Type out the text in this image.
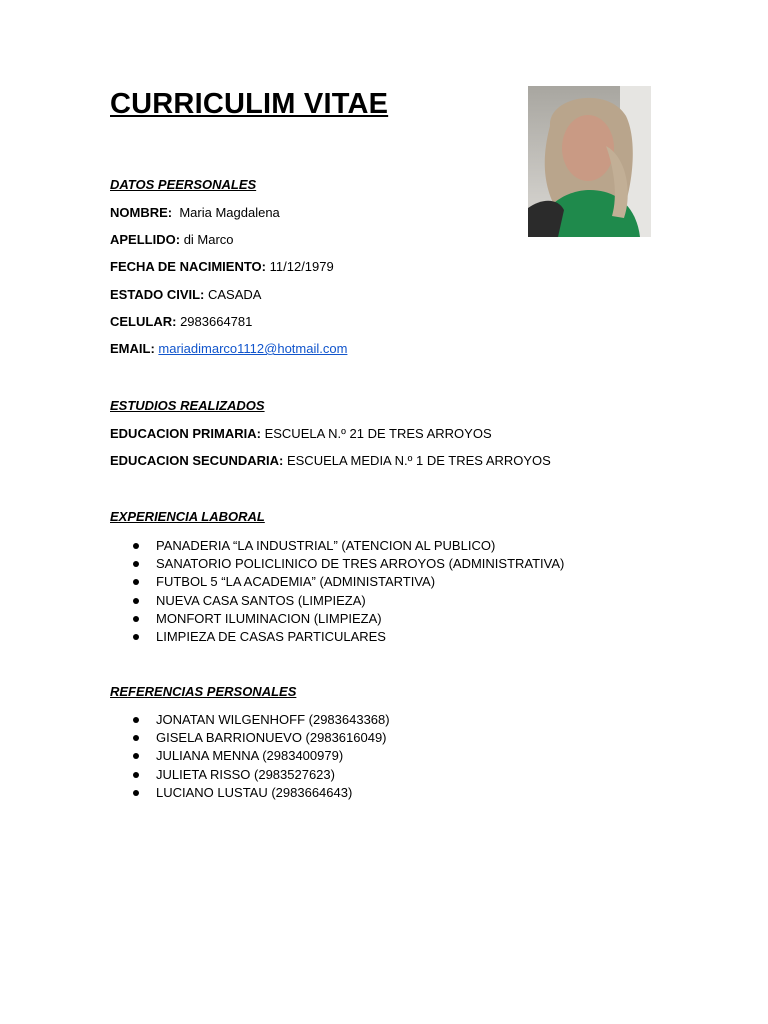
CURRICULIM VITAE
DATOS PEERSONALES
NOMBRE: Maria Magdalena
APELLIDO: di Marco
FECHA DE NACIMIENTO: 11/12/1979
ESTADO CIVIL: CASADA
CELULAR: 2983664781
EMAIL: mariadimarco1112@hotmail.com
ESTUDIOS REALIZADOS
EDUCACION PRIMARIA: ESCUELA N.º 21 DE TRES ARROYOS
EDUCACION SECUNDARIA: ESCUELA MEDIA N.º 1 DE TRES ARROYOS
EXPERIENCIA LABORAL
PANADERIA “LA INDUSTRIAL” (ATENCION AL PUBLICO)
SANATORIO POLICLINICO DE TRES ARROYOS (ADMINISTRATIVA)
FUTBOL 5 “LA ACADEMIA” (ADMINISTARTIVA)
NUEVA CASA SANTOS (LIMPIEZA)
MONFORT ILUMINACION (LIMPIEZA)
LIMPIEZA DE CASAS PARTICULARES
REFERENCIAS PERSONALES
JONATAN WILGENHOFF (2983643368)
GISELA BARRIONUEVO (2983616049)
JULIANA MENNA (2983400979)
JULIETA RISSO (2983527623)
LUCIANO LUSTAU (2983664643)
